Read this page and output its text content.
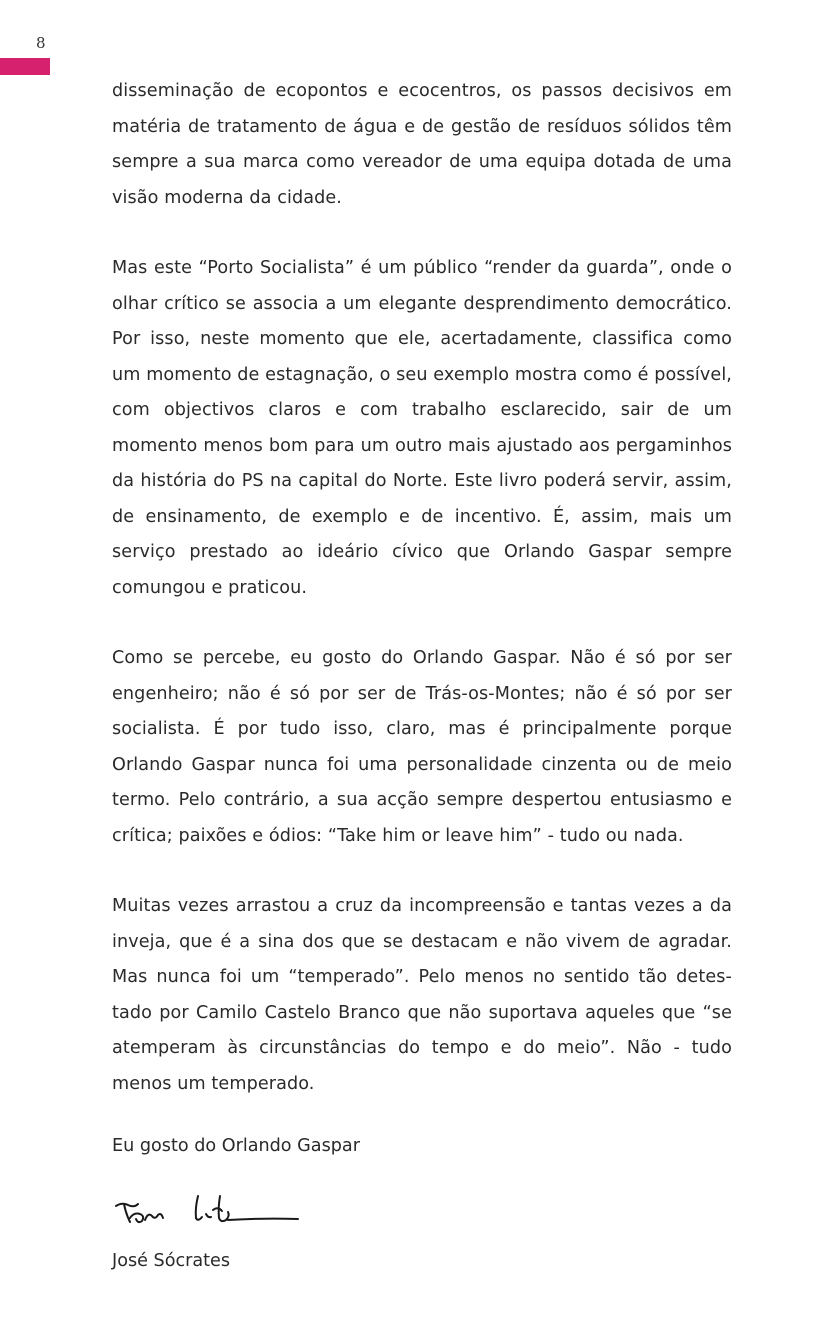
8

disseminação de ecopontos e ecocentros, os passos decisivos em matéria de tratamento de água e de gestão de resíduos sólidos têm sempre a sua marca como vereador de uma equipa dotada de uma visão moderna da cidade.

Mas este “Porto Socialista” é um público “render da guarda”, onde o olhar crítico se associa a um elegante desprendimento democrático. Por isso, neste momento que ele, acertadamente, classifica como um momento de estagnação, o seu exemplo mostra como é possível, com objectivos claros e com trabalho esclarecido, sair de um momento menos bom para um outro mais ajustado aos pergaminhos da história do PS na capital do Norte. Este livro poderá servir, assim, de ensinamento, de exemplo e de incentivo. É, assim, mais um serviço prestado ao ideário cívico que Orlando Gaspar sempre comungou e praticou.

Como se percebe, eu gosto do Orlando Gaspar. Não é só por ser engenheiro; não é só por ser de Trás-os-Montes; não é só por ser socialista. É por tudo isso, claro, mas é principalmente porque Orlando Gaspar nunca foi uma personalidade cinzenta ou de meio termo. Pelo contrário, a sua acção sempre despertou entusiasmo e crítica; paixões e ódios: “Take him or leave him” - tudo ou nada.

Muitas vezes arrastou a cruz da incompreensão e tantas vezes a da inveja, que é a sina dos que se destacam e não vivem de agradar. Mas nunca foi um “temperado”. Pelo menos no sentido tão detes-tado por Camilo Castelo Branco que não suportava aqueles que “se atemperam às circunstâncias do tempo e do meio”. Não - tudo menos um temperado.

Eu gosto do Orlando Gaspar

José Sócrates
